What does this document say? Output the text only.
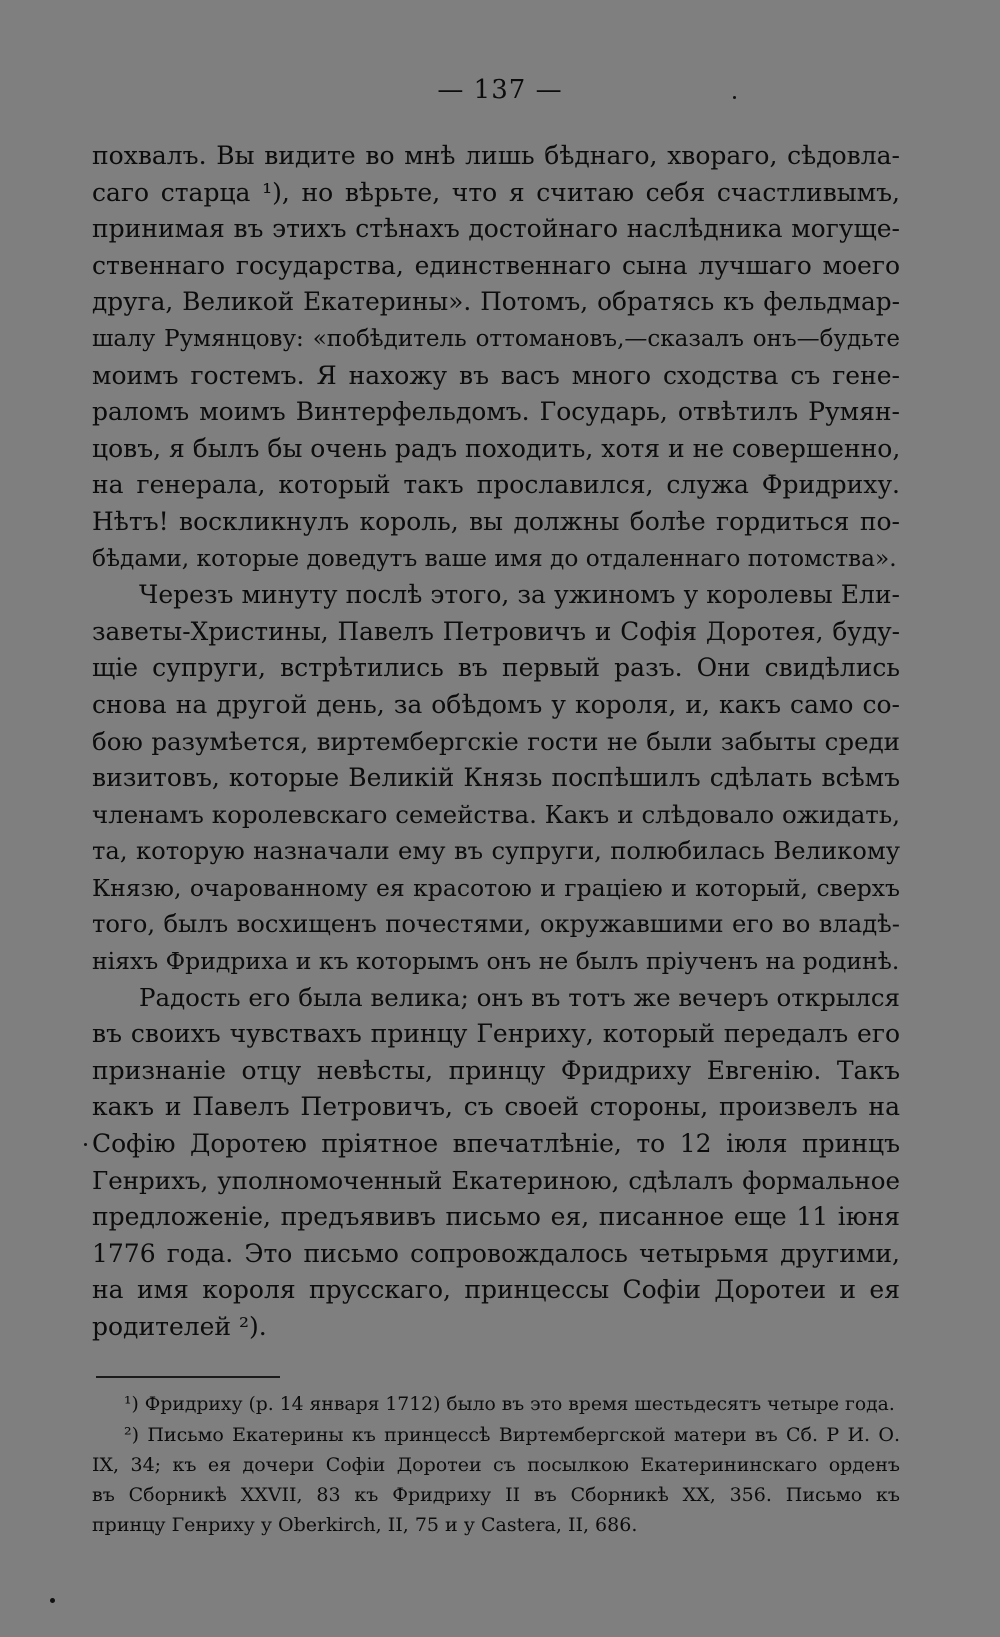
— 137 —
похвалъ. Вы видите во мнѣ лишь бѣднаго, хвораго, сѣдовла-
саго старца ¹), но вѣрьте, что я считаю себя счастливымъ,
принимая въ этихъ стѣнахъ достойнаго наслѣдника могуще-
ственнаго государства, единственнаго сына лучшаго моего
друга, Великой Екатерины». Потомъ, обратясь къ фельдмар-
шалу Румянцову: «побѣдитель оттомановъ,—сказалъ онъ—будьте
моимъ гостемъ. Я нахожу въ васъ много сходства съ гене-
раломъ моимъ Винтерфельдомъ. Государь, отвѣтилъ Румян-
цовъ, я былъ бы очень радъ походить, хотя и не совершенно,
на генерала, который такъ прославился, служа Фридриху.
Нѣтъ! воскликнулъ король, вы должны болѣе гордиться по-
бѣдами, которые доведутъ ваше имя до отдаленнаго потомства».
Черезъ минуту послѣ этого, за ужиномъ у королевы Ели-
заветы-Христины, Павелъ Петровичъ и Софія Доротея, буду-
щіе супруги, встрѣтились въ первый разъ. Они свидѣлись
снова на другой день, за обѣдомъ у короля, и, какъ само со-
бою разумѣется, виртембергскіе гости не были забыты среди
визитовъ, которые Великій Князь поспѣшилъ сдѣлать всѣмъ
членамъ королевскаго семейства. Какъ и слѣдовало ожидать,
та, которую назначали ему въ супруги, полюбилась Великому
Князю, очарованному ея красотою и граціею и который, сверхъ
того, былъ восхищенъ почестями, окружавшими его во владѣ-
ніяхъ Фридриха и къ которымъ онъ не былъ пріученъ на родинѣ.
Радость его была велика; онъ въ тотъ же вечеръ открылся
въ своихъ чувствахъ принцу Генриху, который передалъ его
признаніе отцу невѣсты, принцу Фридриху Евгенію. Такъ
какъ и Павелъ Петровичъ, съ своей стороны, произвелъ на
Софію Доротею пріятное впечатлѣніе, то 12 іюля принцъ
Генрихъ, уполномоченный Екатериною, сдѣлалъ формальное
предложеніе, предъявивъ письмо ея, писанное еще 11 іюня
1776 года. Это письмо сопровождалось четырьмя другими,
на имя короля прусскаго, принцессы Софіи Доротеи и ея
родителей ²).
¹) Фридриху (р. 14 января 1712) было въ это время шестьдесятъ четыре года.
²) Письмо Екатерины къ принцессѣ Виртембергской матери въ Сб. Р И. О.
IX, 34; къ ея дочери Софіи Доротеи съ посылкою Екатерининскаго орденъ
въ Сборникѣ XXVII, 83 къ Фридриху II въ Сборникѣ XX, 356. Письмо къ
принцу Генриху у Oberkirch, II, 75 и у Castera, II, 686.
